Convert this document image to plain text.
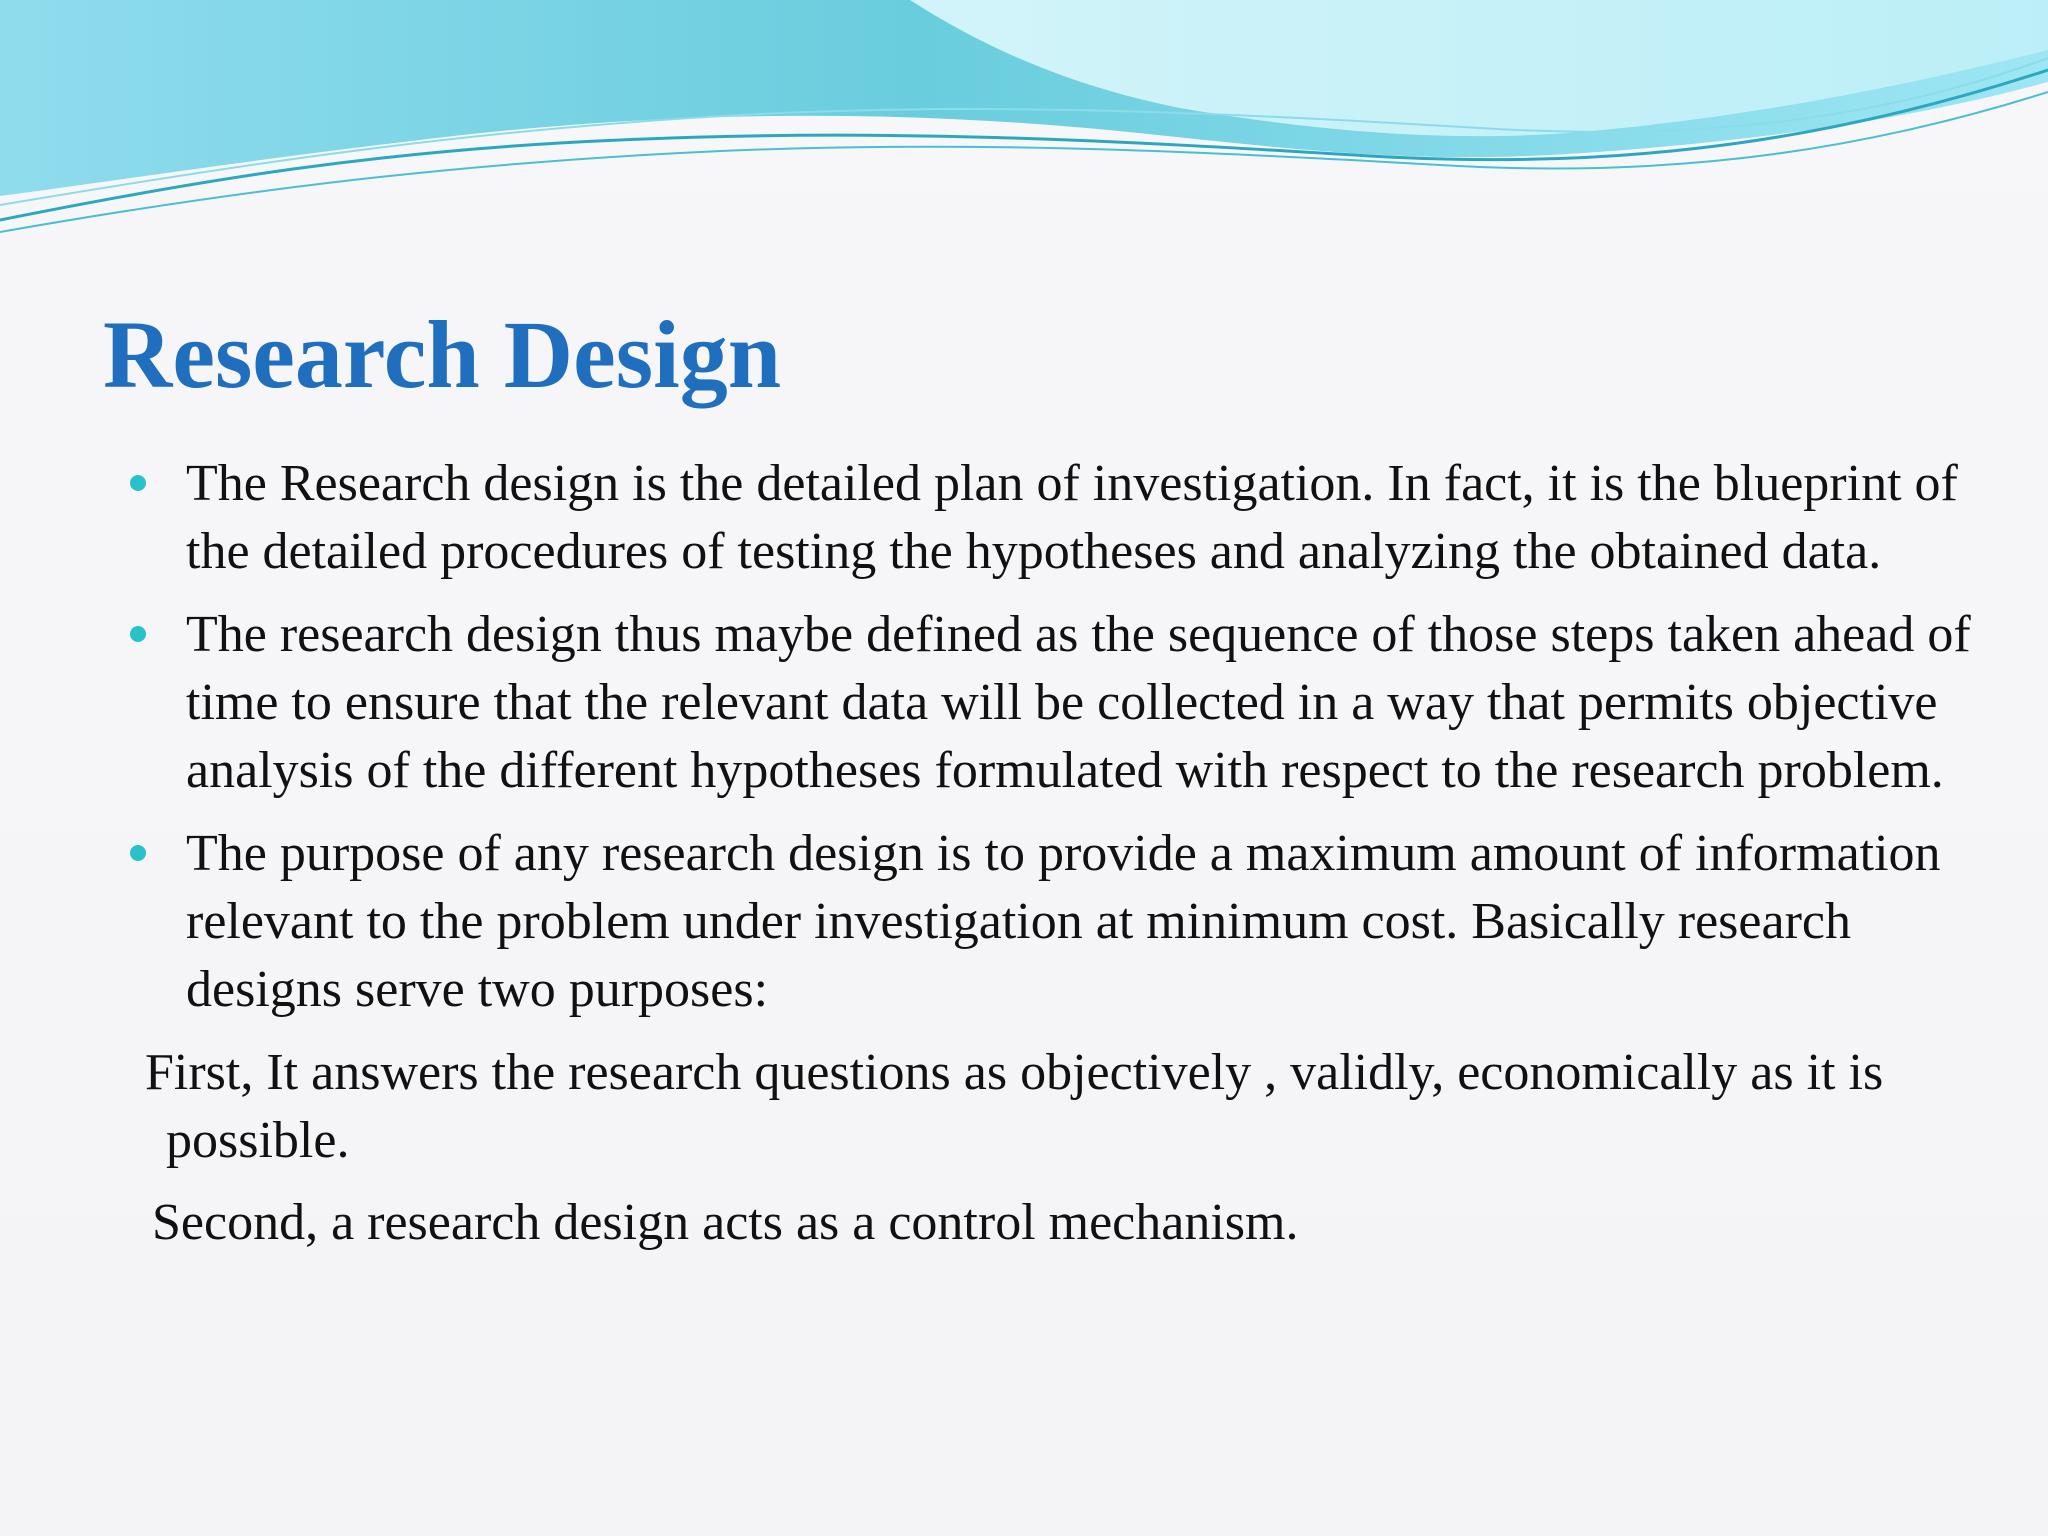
Research Design
The Research design is the detailed plan of investigation. In fact, it is the blueprint of the detailed procedures of testing the hypotheses and analyzing the obtained data.
The research design thus maybe defined as the sequence of those steps taken ahead of time to ensure that the relevant data will be collected in a way that permits objective analysis of the different hypotheses formulated with respect to the research problem.
The purpose of any research design is to provide a maximum amount of information relevant to the problem under investigation at minimum cost. Basically research designs serve two purposes:
First, It answers the research questions as objectively , validly, economically as it is possible.
Second, a research design acts as a control mechanism.
